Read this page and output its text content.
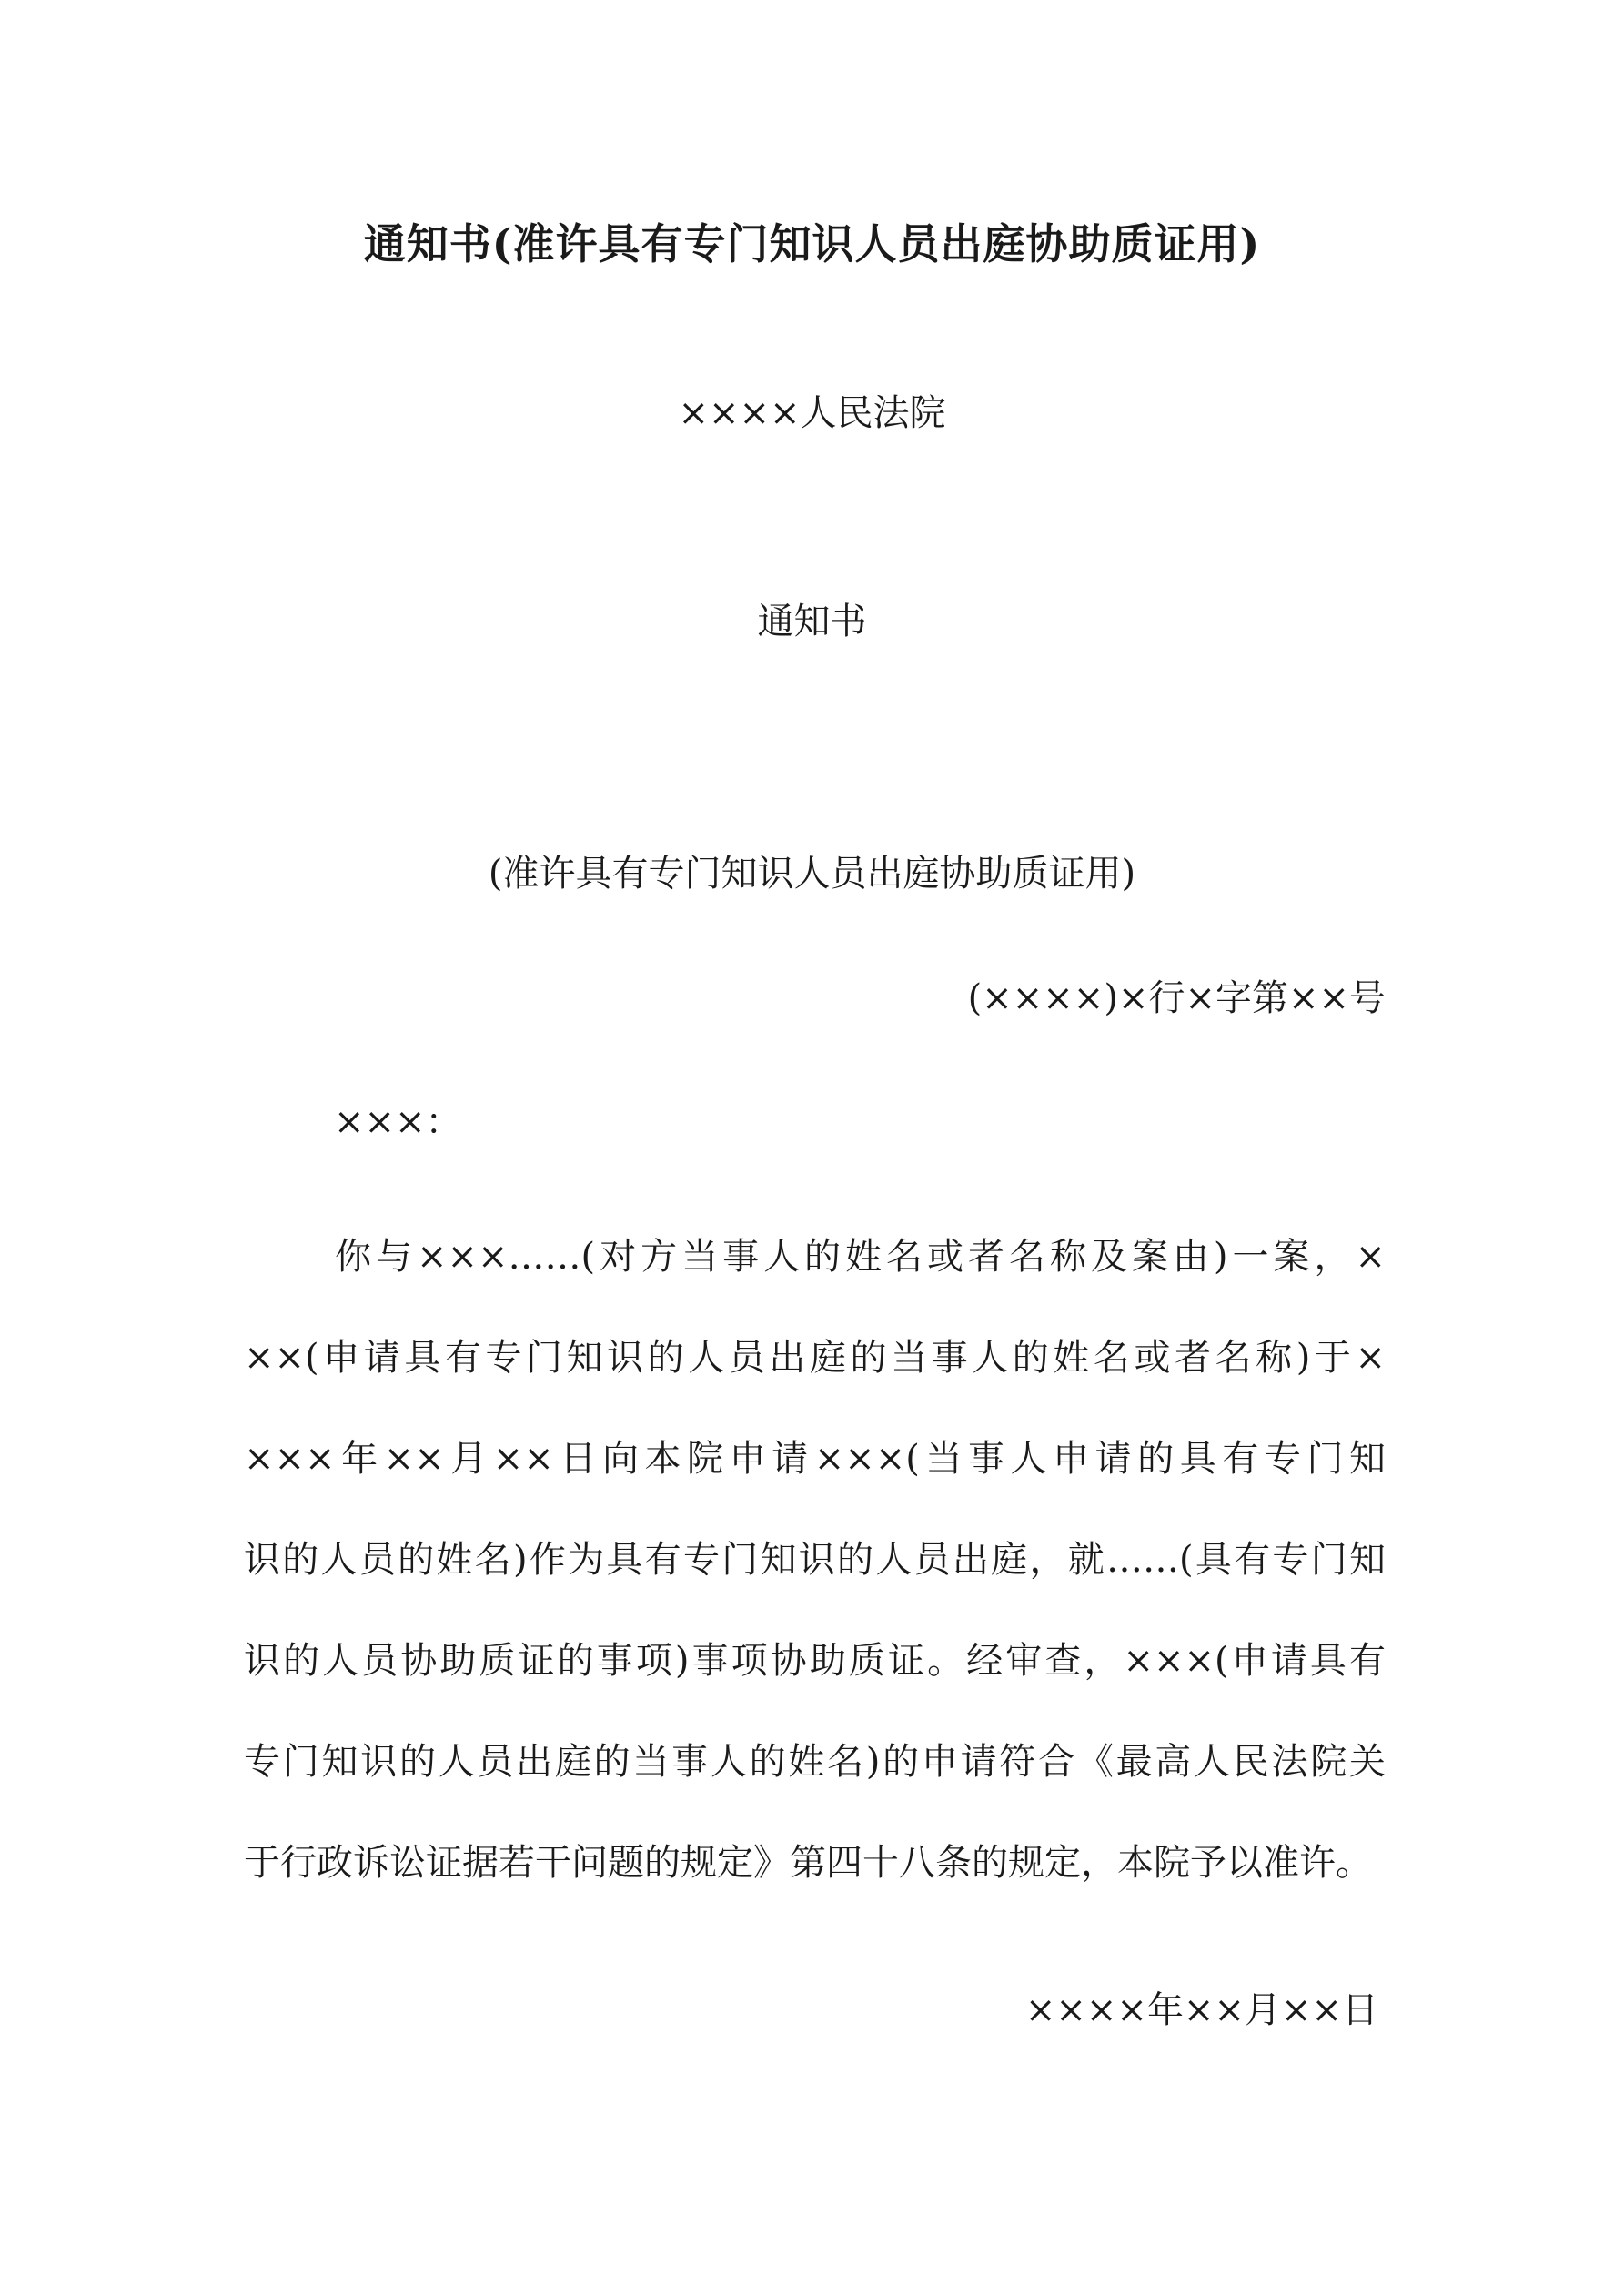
通知书(准许具有专门知识人员出庭协助质证用)
××××人民法院
通知书
(准许具有专门知识人员出庭协助质证用)
(××××)×行×字第××号
×××：

你与×××……(对方当事人的姓名或者名称及案由)一案，×
××(申请具有专门知识的人员出庭的当事人的姓名或者名称)于×
×××年××月××日向本院申请×××(当事人申请的具有专门知
识的人员的姓名)作为具有专门知识的人员出庭，就……(具有专门知
识的人员协助质证的事项)事项协助质证。经审查，×××(申请具有
专门知识的人员出庭的当事人的姓名)的申请符合《最高人民法院关
于行政诉讼证据若干问题的规定》第四十八条的规定，本院予以准许。

××××年××月××日
